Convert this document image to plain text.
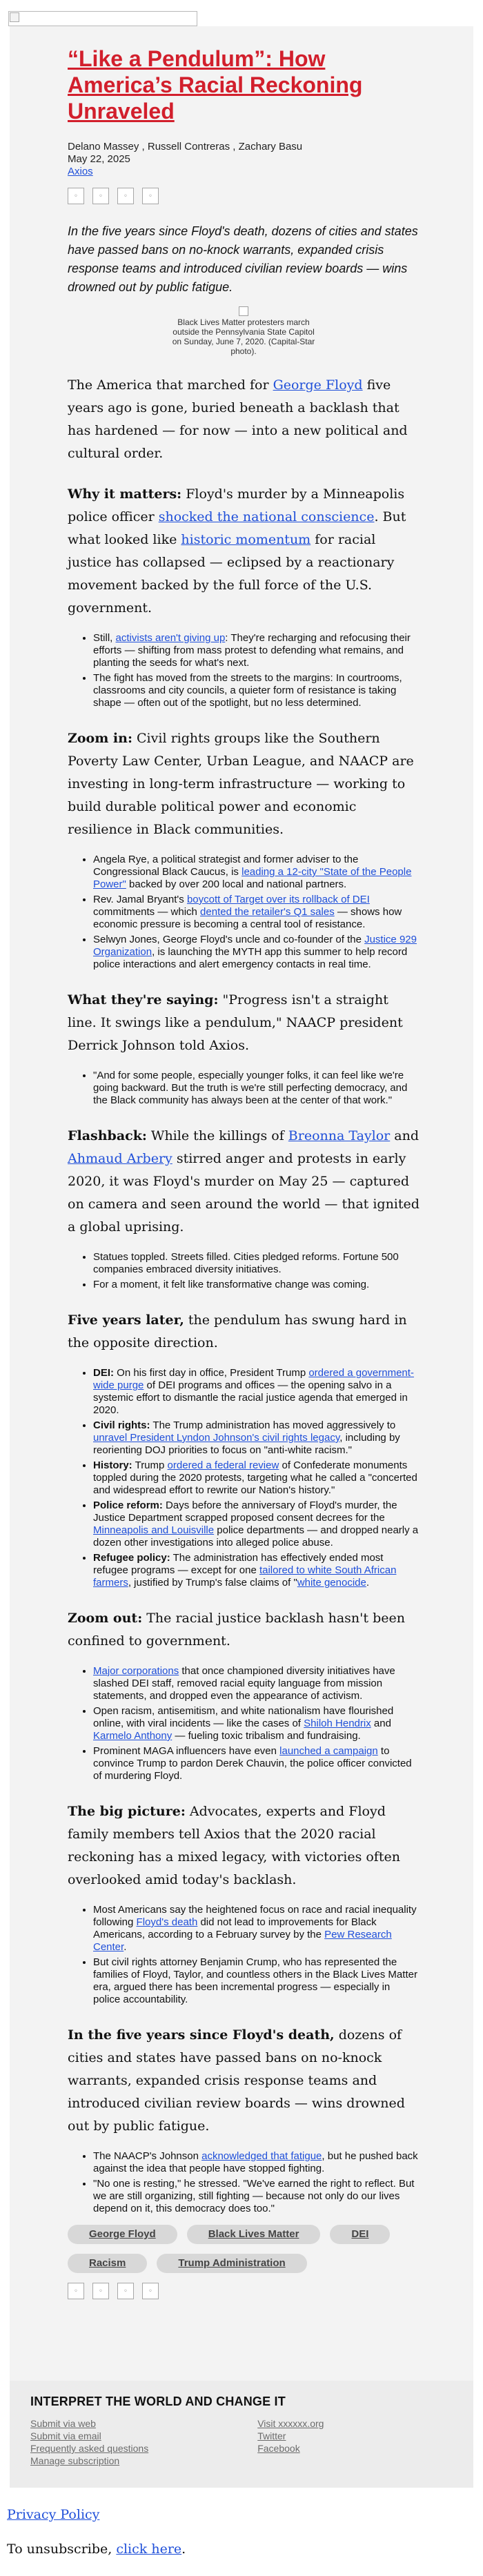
“Like a Pendulum”: How America’s Racial Reckoning Unraveled
Delano Massey , Russell Contreras , Zachary Basu
May 22, 2025
Axios
◦	◦	◦	◦
In the five years since Floyd's death, dozens of cities and states have passed bans on no-knock warrants, expanded crisis response teams and introduced civilian review boards — wins drowned out by public fatigue.
Black Lives Matter protesters march outside the Pennsylvania State Capitol on Sunday, June 7, 2020. (Capital-Star photo).

The America that marched for George Floyd five years ago is gone, buried beneath a backlash that has hardened — for now — into a new political and cultural order.

Why it matters: Floyd's murder by a Minneapolis police officer shocked the national conscience. But what looked like historic momentum for racial justice has collapsed — eclipsed by a reactionary movement backed by the full force of the U.S. government.

• Still, activists aren't giving up: They're recharging and refocusing their efforts — shifting from mass protest to defending what remains, and planting the seeds for what's next.
• The fight has moved from the streets to the margins: In courtrooms, classrooms and city councils, a quieter form of resistance is taking shape — often out of the spotlight, but no less determined.

Zoom in: Civil rights groups like the Southern Poverty Law Center, Urban League, and NAACP are investing in long-term infrastructure — working to build durable political power and economic resilience in Black communities.

• Angela Rye, a political strategist and former adviser to the Congressional Black Caucus, is leading a 12-city "State of the People Power" backed by over 200 local and national partners.
• Rev. Jamal Bryant's boycott of Target over its rollback of DEI commitments — which dented the retailer's Q1 sales — shows how economic pressure is becoming a central tool of resistance.
• Selwyn Jones, George Floyd's uncle and co-founder of the Justice 929 Organization, is launching the MYTH app this summer to help record police interactions and alert emergency contacts in real time.

What they're saying: "Progress isn't a straight line. It swings like a pendulum," NAACP president Derrick Johnson told Axios.

• "And for some people, especially younger folks, it can feel like we're going backward. But the truth is we're still perfecting democracy, and the Black community has always been at the center of that work."

Flashback: While the killings of Breonna Taylor and Ahmaud Arbery stirred anger and protests in early 2020, it was Floyd's murder on May 25 — captured on camera and seen around the world — that ignited a global uprising.

• Statues toppled. Streets filled. Cities pledged reforms. Fortune 500 companies embraced diversity initiatives.
• For a moment, it felt like transformative change was coming.

Five years later, the pendulum has swung hard in the opposite direction.

• DEI: On his first day in office, President Trump ordered a government-wide purge of DEI programs and offices — the opening salvo in a systemic effort to dismantle the racial justice agenda that emerged in 2020.
• Civil rights: The Trump administration has moved aggressively to unravel President Lyndon Johnson's civil rights legacy, including by reorienting DOJ priorities to focus on "anti-white racism."
• History: Trump ordered a federal review of Confederate monuments toppled during the 2020 protests, targeting what he called a "concerted and widespread effort to rewrite our Nation's history."
• Police reform: Days before the anniversary of Floyd's murder, the Justice Department scrapped proposed consent decrees for the Minneapolis and Louisville police departments — and dropped nearly a dozen other investigations into alleged police abuse.
• Refugee policy: The administration has effectively ended most refugee programs — except for one tailored to white South African farmers, justified by Trump's false claims of "white genocide.

Zoom out: The racial justice backlash hasn't been confined to government.

• Major corporations that once championed diversity initiatives have slashed DEI staff, removed racial equity language from mission statements, and dropped even the appearance of activism.
• Open racism, antisemitism, and white nationalism have flourished online, with viral incidents — like the cases of Shiloh Hendrix and Karmelo Anthony — fueling toxic tribalism and fundraising.
• Prominent MAGA influencers have even launched a campaign to convince Trump to pardon Derek Chauvin, the police officer convicted of murdering Floyd.

The big picture: Advocates, experts and Floyd family members tell Axios that the 2020 racial reckoning has a mixed legacy, with victories often overlooked amid today's backlash.

• Most Americans say the heightened focus on race and racial inequality following Floyd's death did not lead to improvements for Black Americans, according to a February survey by the Pew Research Center.
• But civil rights attorney Benjamin Crump, who has represented the families of Floyd, Taylor, and countless others in the Black Lives Matter era, argued there has been incremental progress — especially in police accountability.

In the five years since Floyd's death, dozens of cities and states have passed bans on no-knock warrants, expanded crisis response teams and introduced civilian review boards — wins drowned out by public fatigue.

• The NAACP's Johnson acknowledged that fatigue, but he pushed back against the idea that people have stopped fighting.
• "No one is resting," he stressed. "We've earned the right to reflect. But we are still organizing, still fighting — because not only do our lives depend on it, this democracy does too."
George Floyd	Black Lives Matter	DEI
Racism	Trump Administration
◦	◦	◦	◦
INTERPRET THE WORLD AND CHANGE IT
Submit via web
Submit via email
Frequently asked questions
Manage subscription
Visit xxxxxx.org
Twitter
Facebook

Privacy Policy

To unsubscribe, click here.
